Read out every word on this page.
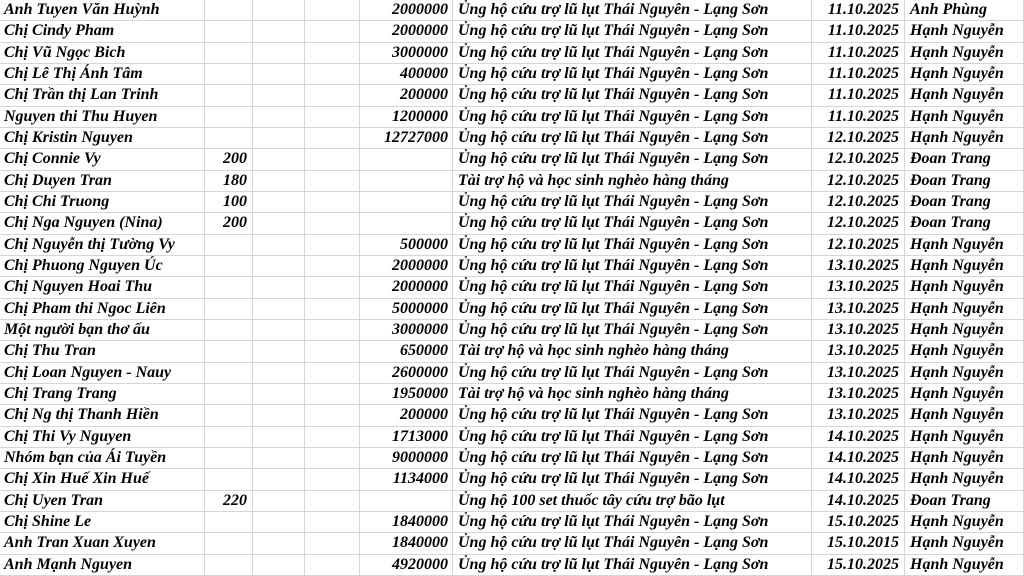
Anh Tuyen Văn Huỳnh	2000000 Ủng hộ cứu trợ lũ lụt Thái Nguyên - Lạng Sơn	11.10.2025 Anh Phùng
Chị Cindy Pham	2000000 Ủng hộ cứu trợ lũ lụt Thái Nguyên - Lạng Sơn	11.10.2025 Hạnh Nguyễn
Chị Vũ Ngọc Bich	3000000 Ủng hộ cứu trợ lũ lụt Thái Nguyên - Lạng Sơn	11.10.2025 Hạnh Nguyễn
Chị Lê Thị Ánh Tâm	400000 Ủng hộ cứu trợ lũ lụt Thái Nguyên - Lạng Sơn	11.10.2025 Hạnh Nguyễn
Chị Trần thị Lan Trinh	200000 Ủng hộ cứu trợ lũ lụt Thái Nguyên - Lạng Sơn	11.10.2025 Hạnh Nguyễn
Nguyen thi Thu Huyen	1200000 Ủng hộ cứu trợ lũ lụt Thái Nguyên - Lạng Sơn	11.10.2025 Hạnh Nguyễn
Chị Kristin Nguyen	12727000 Ủng hộ cứu trợ lũ lụt Thái Nguyên - Lạng Sơn	12.10.2025 Hạnh Nguyễn
Chị Connie Vy	200	Ủng hộ cứu trợ lũ lụt Thái Nguyên - Lạng Sơn	12.10.2025 Đoan Trang
Chị Duyen Tran	180	Tài trợ hộ và học sinh nghèo hàng tháng	12.10.2025 Đoan Trang
Chị Chi Truong	100	Ủng hộ cứu trợ lũ lụt Thái Nguyên - Lạng Sơn	12.10.2025 Đoan Trang
Chị Nga Nguyen (Nina)	200	Ủng hộ cứu trợ lũ lụt Thái Nguyên - Lạng Sơn	12.10.2025 Đoan Trang
Chị Nguyễn thị Tường Vy	500000 Ủng hộ cứu trợ lũ lụt Thái Nguyên - Lạng Sơn	12.10.2025 Hạnh Nguyễn
Chị Phuong Nguyen Úc	2000000 Ủng hộ cứu trợ lũ lụt Thái Nguyên - Lạng Sơn	13.10.2025 Hạnh Nguyễn
Chị Nguyen Hoai Thu	2000000 Ủng hộ cứu trợ lũ lụt Thái Nguyên - Lạng Sơn	13.10.2025 Hạnh Nguyễn
Chị Pham thi Ngoc Liên	5000000 Ủng hộ cứu trợ lũ lụt Thái Nguyên - Lạng Sơn	13.10.2025 Hạnh Nguyễn
Một người bạn thơ ấu	3000000 Ủng hộ cứu trợ lũ lụt Thái Nguyên - Lạng Sơn	13.10.2025 Hạnh Nguyễn
Chị Thu Tran	650000 Tài trợ hộ và học sinh nghèo hàng tháng	13.10.2025 Hạnh Nguyễn
Chị Loan Nguyen - Nauy	2600000 Ủng hộ cứu trợ lũ lụt Thái Nguyên - Lạng Sơn	13.10.2025 Hạnh Nguyễn
Chị Trang Trang	1950000 Tài trợ hộ và học sinh nghèo hàng tháng	13.10.2025 Hạnh Nguyễn
Chị Ng thị Thanh Hiền	200000 Ủng hộ cứu trợ lũ lụt Thái Nguyên - Lạng Sơn	13.10.2025 Hạnh Nguyễn
Chị Thi Vy Nguyen	1713000 Ủng hộ cứu trợ lũ lụt Thái Nguyên - Lạng Sơn	14.10.2025 Hạnh Nguyễn
Nhóm bạn của Ái Tuyền	9000000 Ủng hộ cứu trợ lũ lụt Thái Nguyên - Lạng Sơn	14.10.2025 Hạnh Nguyễn
Chị Xin Huế Xin Huế	1134000 Ủng hộ cứu trợ lũ lụt Thái Nguyên - Lạng Sơn	14.10.2025 Hạnh Nguyễn
Chị Uyen Tran	220	Ủng hộ 100 set thuốc tây cứu trợ bão lụt	14.10.2025 Đoan Trang
Chị Shine Le	1840000 Ủng hộ cứu trợ lũ lụt Thái Nguyên - Lạng Sơn	15.10.2025 Hạnh Nguyễn
Anh Tran Xuan Xuyen	1840000 Ủng hộ cứu trợ lũ lụt Thái Nguyên - Lạng Sơn	15.10.2015 Hạnh Nguyễn
Anh Mạnh Nguyen	4920000 Ủng hộ cứu trợ lũ lụt Thái Nguyên - Lạng Sơn	15.10.2025 Hạnh Nguyễn
